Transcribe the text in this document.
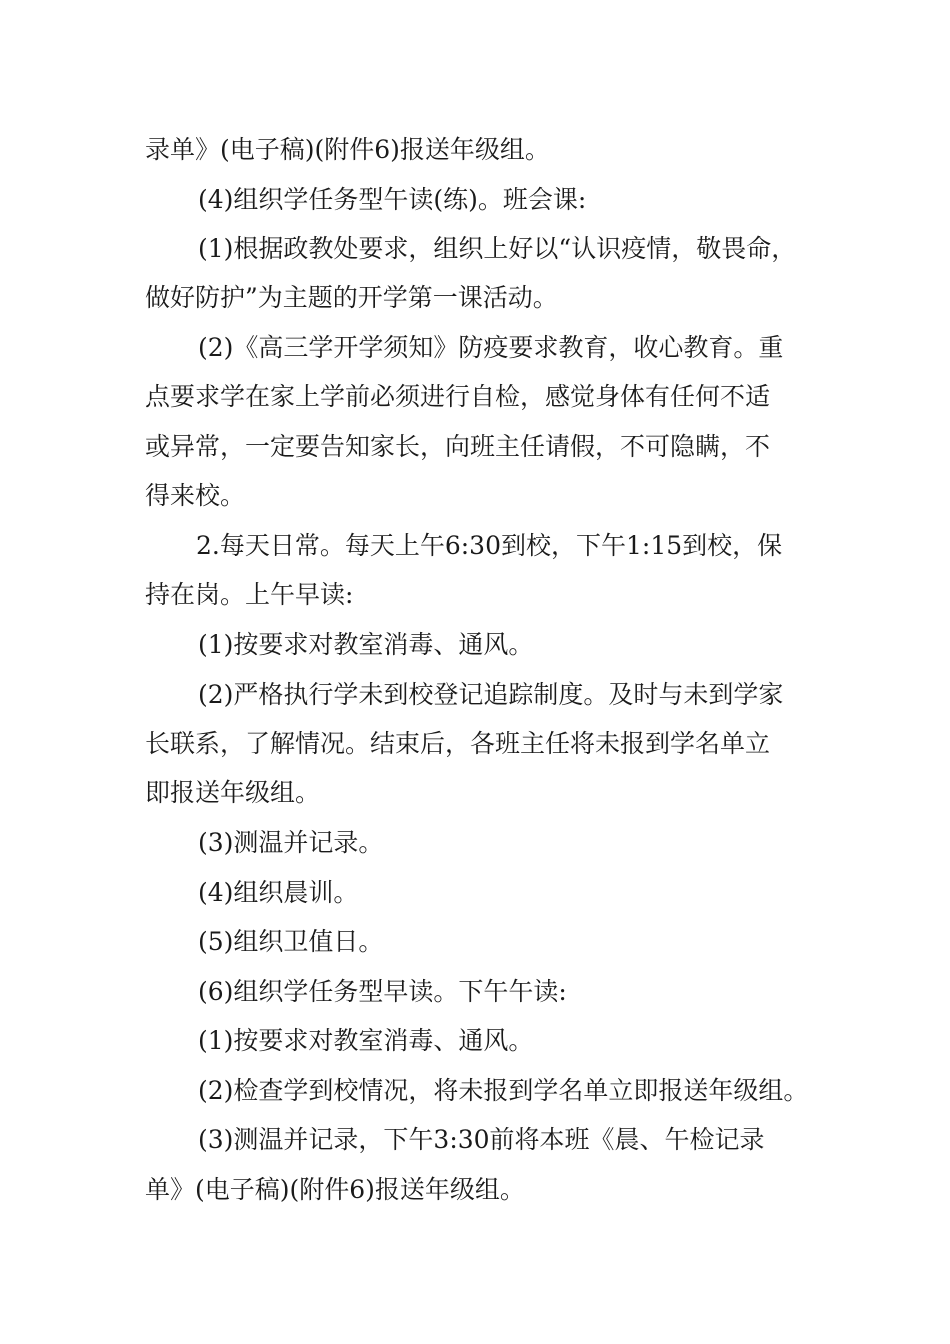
录单》(电子稿)(附件6)报送年级组。
(4)组织学任务型午读(练)。班会课:
(1)根据政教处要求，组织上好以“认识疫情，敬畏命，
做好防护”为主题的开学第一课活动。
(2)《高三学开学须知》防疫要求教育，收心教育。重
点要求学在家上学前必须进行自检，感觉身体有任何不适
或异常，一定要告知家长，向班主任请假，不可隐瞒，不
得来校。
2.每天日常。每天上午6:30到校，下午1:15到校，保
持在岗。上午早读:
(1)按要求对教室消毒、通风。
(2)严格执行学未到校登记追踪制度。及时与未到学家
长联系，了解情况。结束后，各班主任将未报到学名单立
即报送年级组。
(3)测温并记录。
(4)组织晨训。
(5)组织卫值日。
(6)组织学任务型早读。下午午读:
(1)按要求对教室消毒、通风。
(2)检查学到校情况，将未报到学名单立即报送年级组。
(3)测温并记录，下午3:30前将本班《晨、午检记录
单》(电子稿)(附件6)报送年级组。
